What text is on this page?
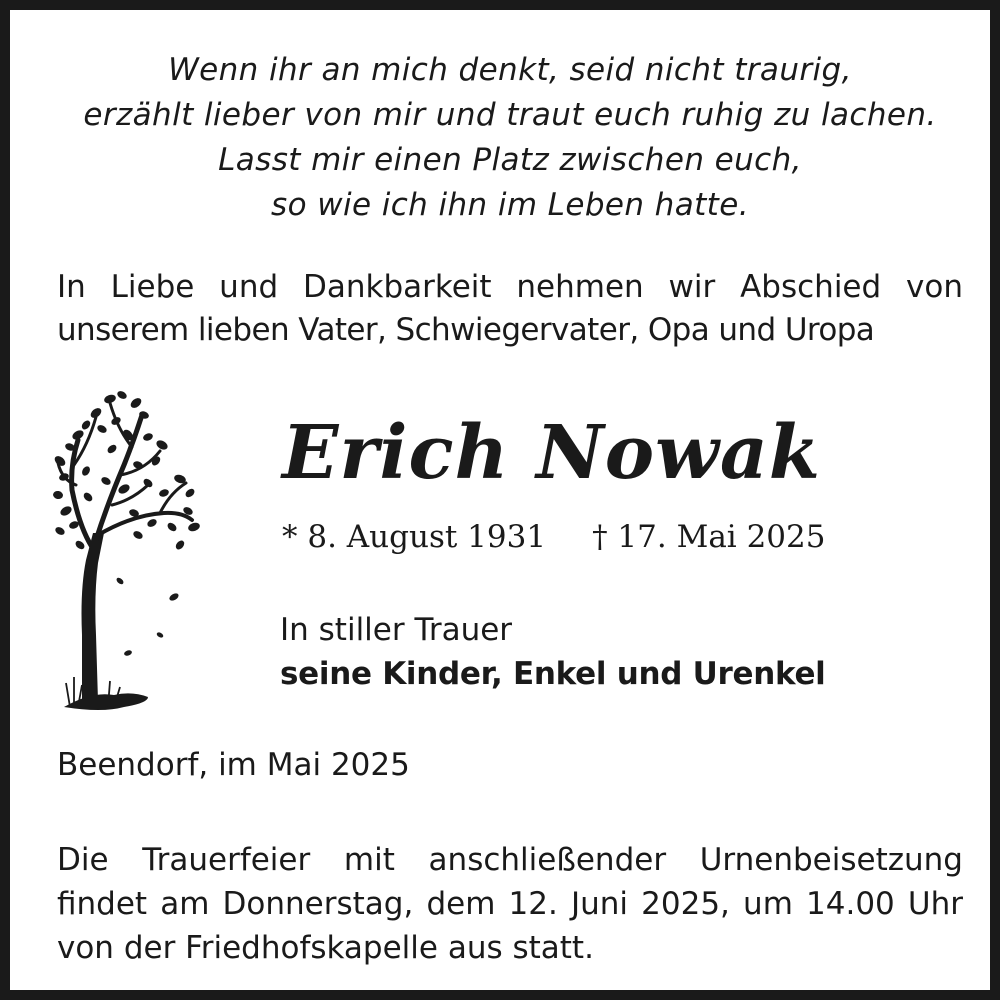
Wenn ihr an mich denkt, seid nicht traurig,
erzählt lieber von mir und traut euch ruhig zu lachen.
Lasst mir einen Platz zwischen euch,
so wie ich ihn im Leben hatte.
In Liebe und Dankbarkeit nehmen wir Abschied von
unserem lieben Vater, Schwiegervater, Opa und Uropa
Erich Nowak
* 8. August 1931 † 17. Mai 2025
In stiller Trauer
seine Kinder, Enkel und Urenkel
Beendorf, im Mai 2025
Die Trauerfeier mit anschließender Urnenbeisetzung
findet am Donnerstag, dem 12. Juni 2025, um 14.00 Uhr
von der Friedhofskapelle aus statt.
